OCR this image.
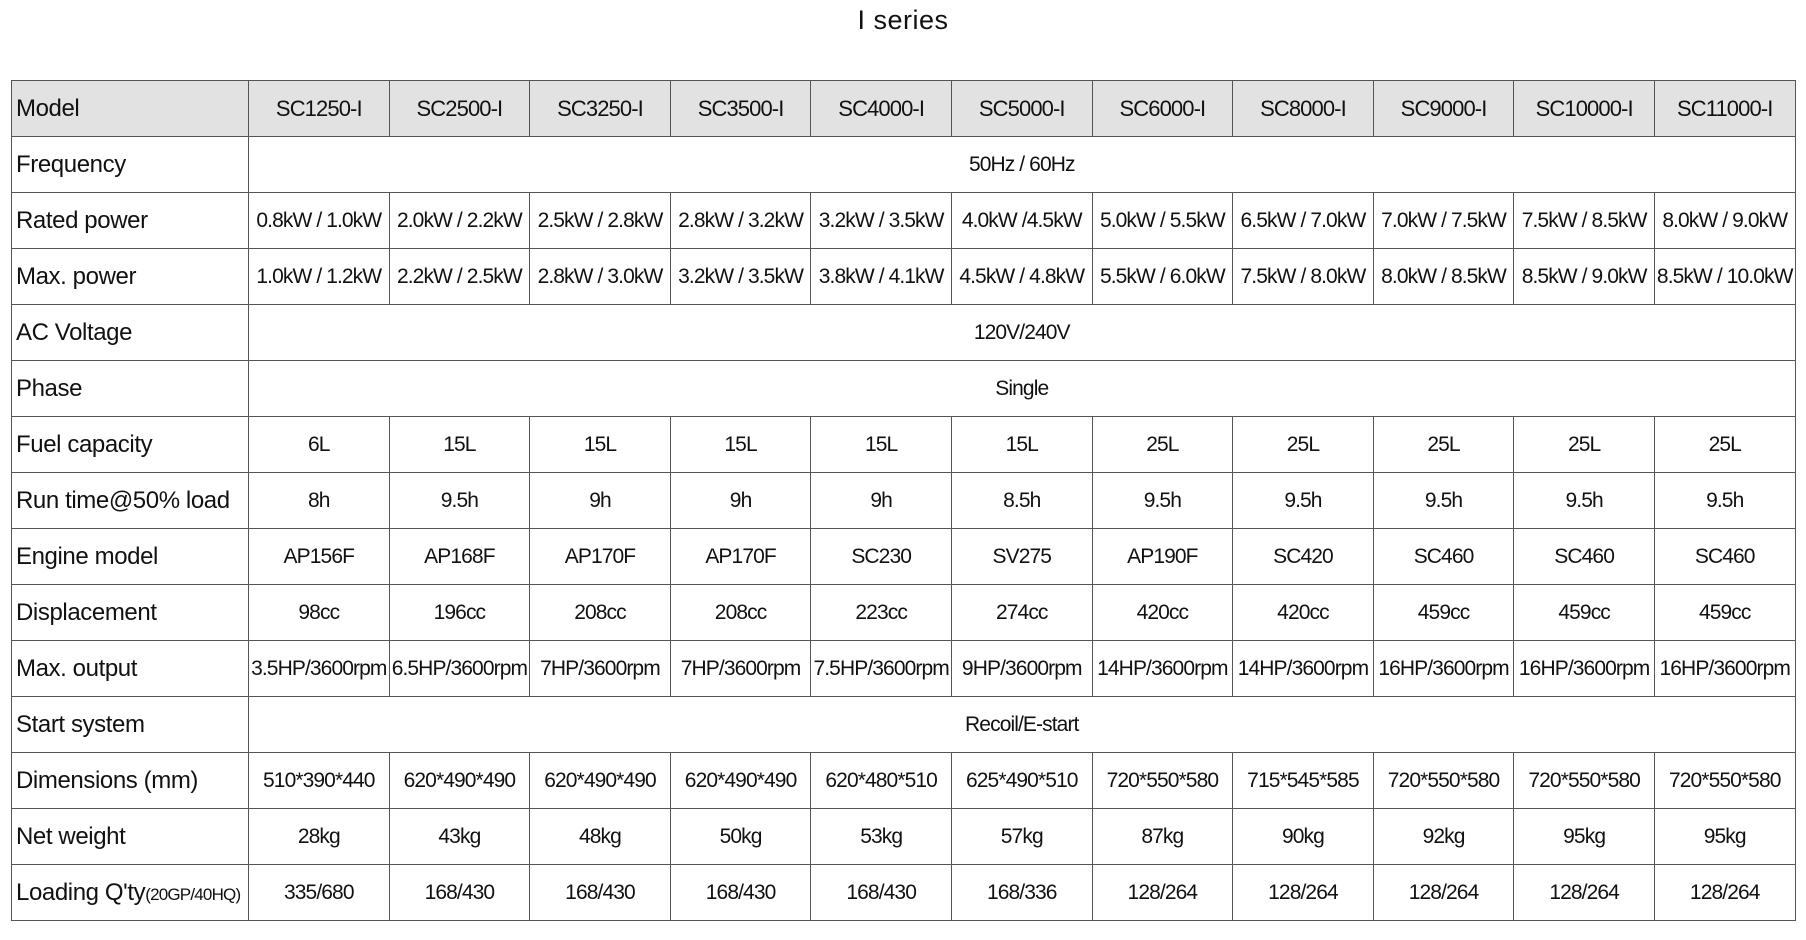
I series
Model	SC1250-I	SC2500-I	SC3250-I	SC3500-I	SC4000-I	SC5000-I	SC6000-I	SC8000-I	SC9000-I	SC10000-I	SC11000-I
Frequency	50Hz / 60Hz										
Rated power	0.8kW / 1.0kW	2.0kW / 2.2kW	2.5kW / 2.8kW	2.8kW / 3.2kW	3.2kW / 3.5kW	4.0kW /4.5kW	5.0kW / 5.5kW	6.5kW / 7.0kW	7.0kW / 7.5kW	7.5kW / 8.5kW	8.0kW / 9.0kW
Max. power	1.0kW / 1.2kW	2.2kW / 2.5kW	2.8kW / 3.0kW	3.2kW / 3.5kW	3.8kW / 4.1kW	4.5kW / 4.8kW	5.5kW / 6.0kW	7.5kW / 8.0kW	8.0kW / 8.5kW	8.5kW / 9.0kW	8.5kW / 10.0kW
AC Voltage	120V/240V										
Phase	Single										
Fuel capacity	6L	15L	15L	15L	15L	15L	25L	25L	25L	25L	25L
Run time@50% load	8h	9.5h	9h	9h	9h	8.5h	9.5h	9.5h	9.5h	9.5h	9.5h
Engine model	AP156F	AP168F	AP170F	AP170F	SC230	SV275	AP190F	SC420	SC460	SC460	SC460
Displacement	98cc	196cc	208cc	208cc	223cc	274cc	420cc	420cc	459cc	459cc	459cc
Max. output	3.5HP/3600rpm	6.5HP/3600rpm	7HP/3600rpm	7HP/3600rpm	7.5HP/3600rpm	9HP/3600rpm	14HP/3600rpm	14HP/3600rpm	16HP/3600rpm	16HP/3600rpm	16HP/3600rpm
Start system	Recoil/E-start										
Dimensions (mm)	510*390*440	620*490*490	620*490*490	620*490*490	620*480*510	625*490*510	720*550*580	715*545*585	720*550*580	720*550*580	720*550*580
Net weight	28kg	43kg	48kg	50kg	53kg	57kg	87kg	90kg	92kg	95kg	95kg
Loading Q'ty(20GP/40HQ)	335/680	168/430	168/430	168/430	168/430	168/336	128/264	128/264	128/264	128/264	128/264
